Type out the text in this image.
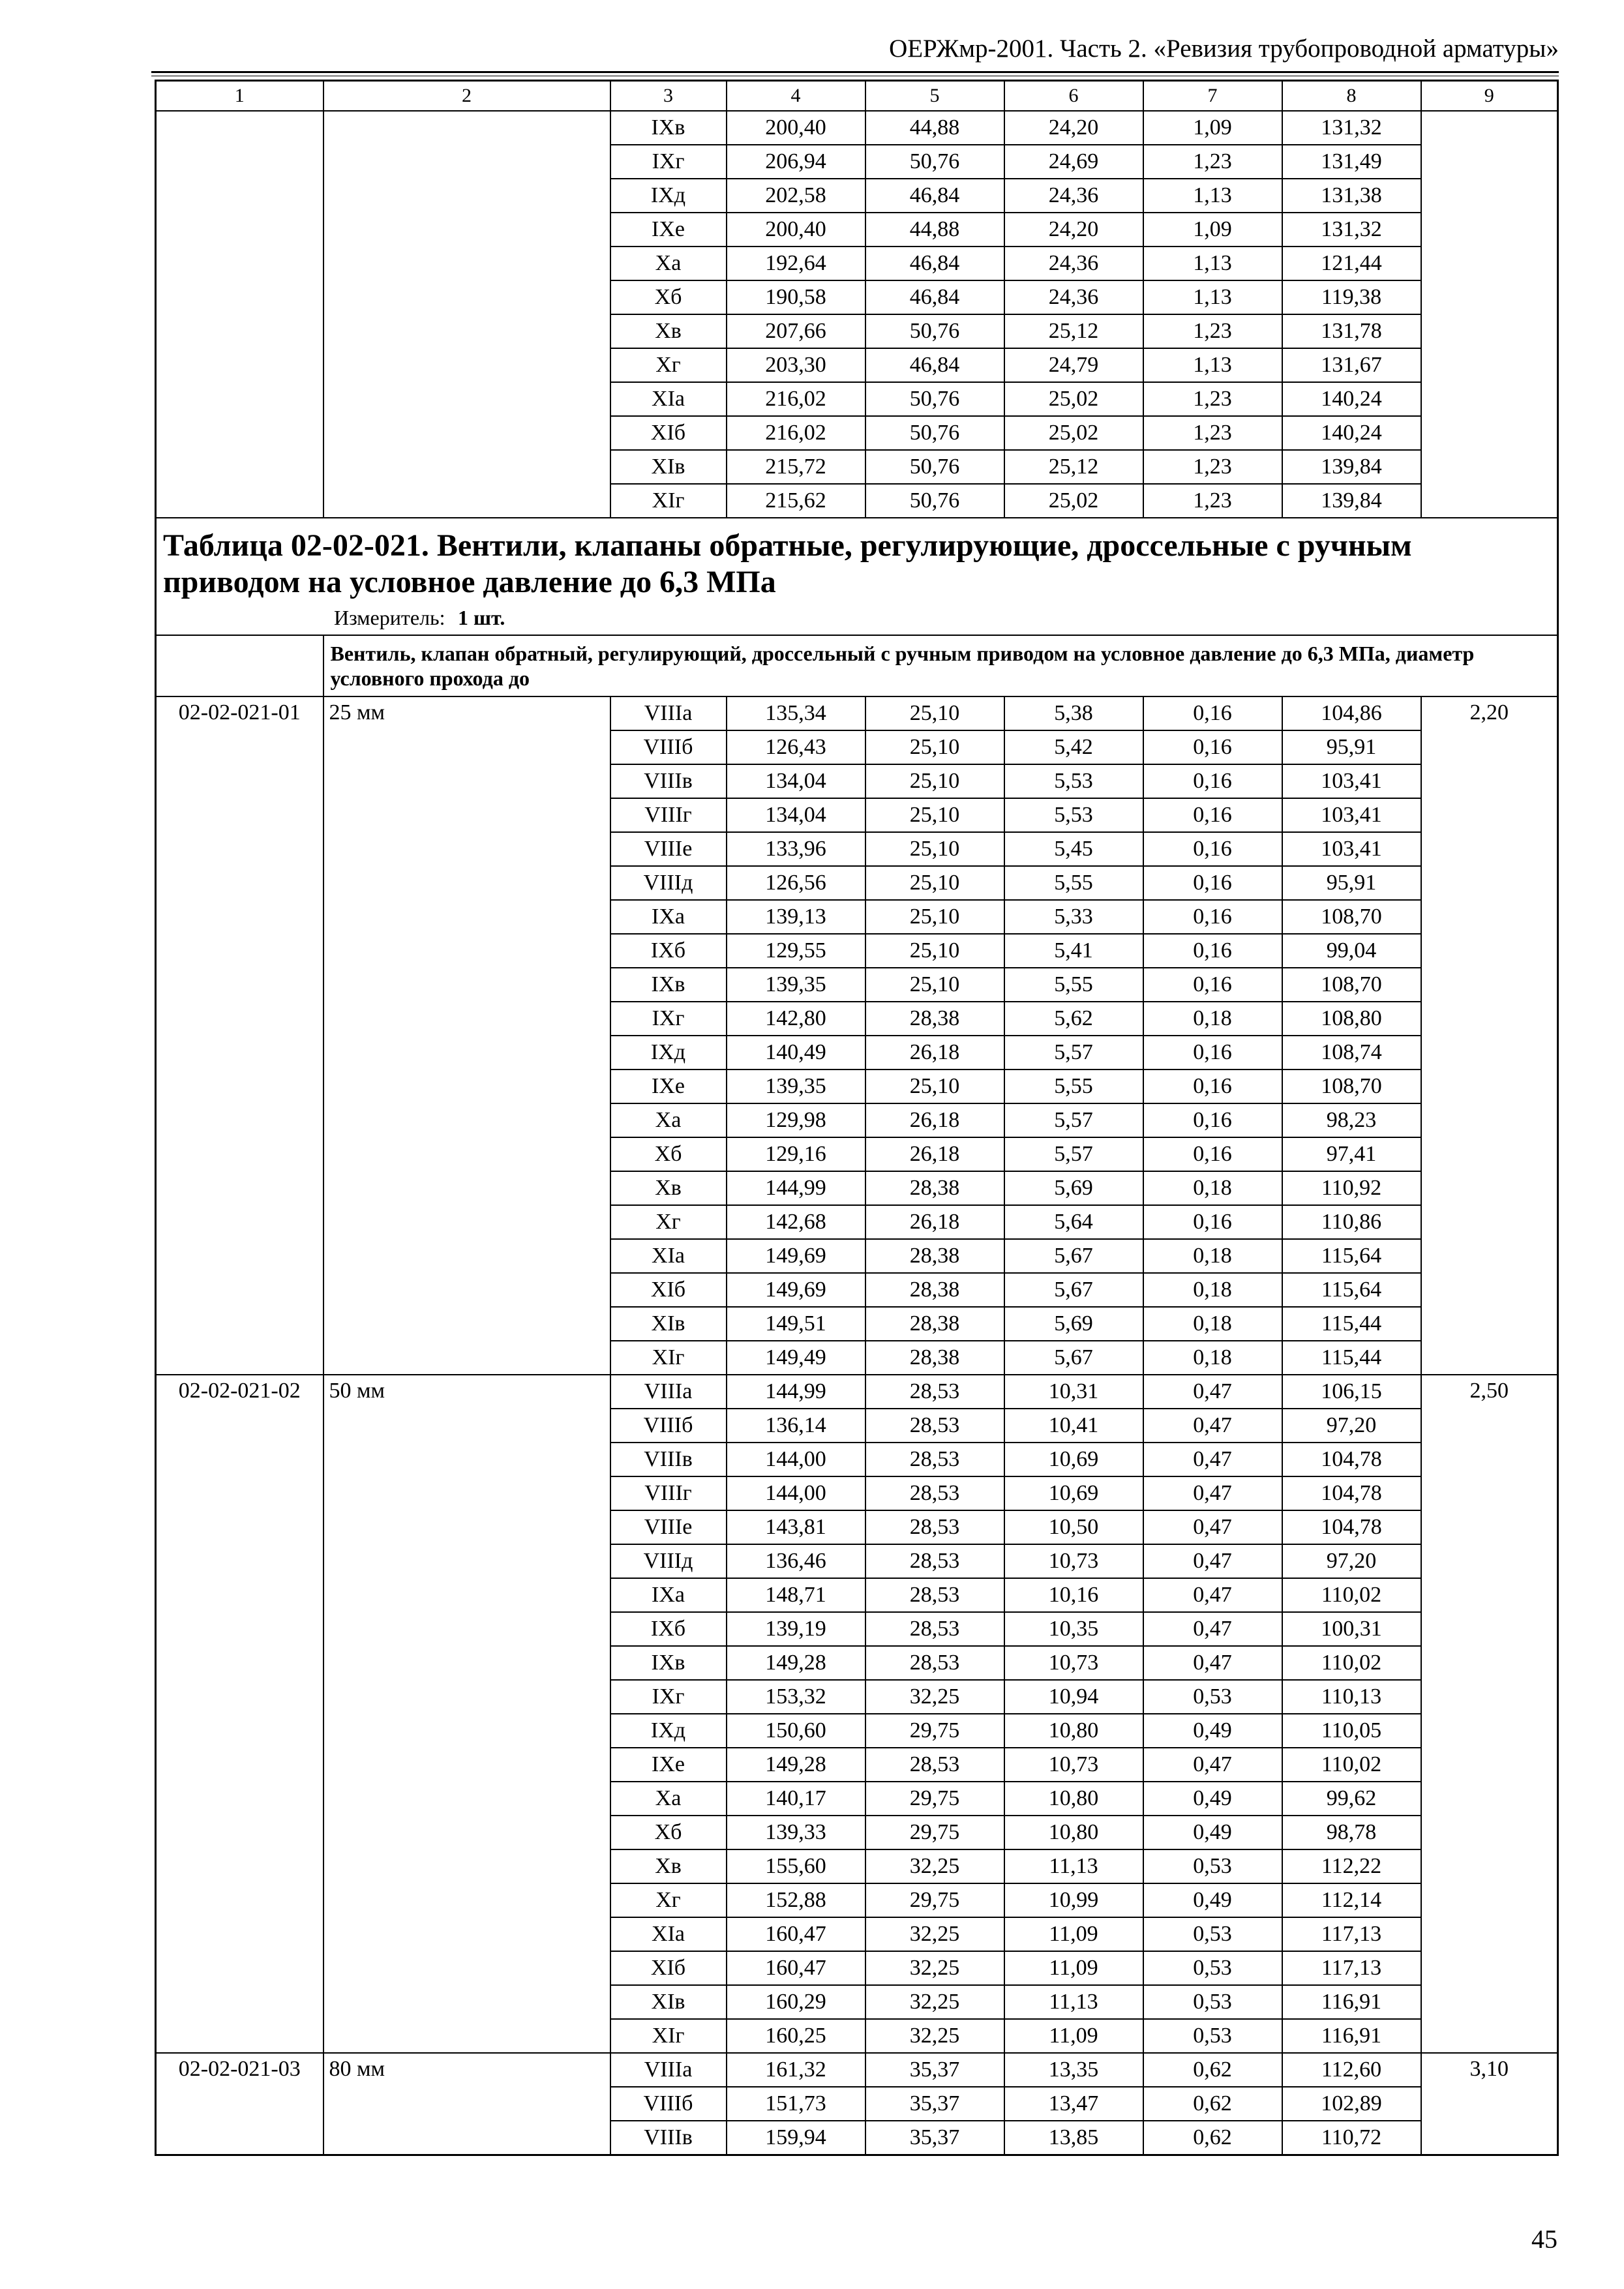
ОЕРЖмр-2001. Часть 2. «Ревизия трубопроводной арматуры»
1	2	3	4	5	6	7	8	9
		IXв	200,40	44,88	24,20	1,09	131,32	
		IXг	206,94	50,76	24,69	1,23	131,49	
		IXд	202,58	46,84	24,36	1,13	131,38	
		IXе	200,40	44,88	24,20	1,09	131,32	
		Xа	192,64	46,84	24,36	1,13	121,44	
		Xб	190,58	46,84	24,36	1,13	119,38	
		Xв	207,66	50,76	25,12	1,23	131,78	
		Xг	203,30	46,84	24,79	1,13	131,67	
		XIа	216,02	50,76	25,02	1,23	140,24	
		XIб	216,02	50,76	25,02	1,23	140,24	
		XIв	215,72	50,76	25,12	1,23	139,84	
		XIг	215,62	50,76	25,02	1,23	139,84	

Таблица 02-02-021. Вентили, клапаны обратные, регулирующие, дроссельные с ручным приводом на условное давление до 6,3 МПа
Измеритель: 1 шт.								

	Вентиль, клапан обратный, регулирующий, дроссельный с ручным приводом на условное давление до 6,3 МПа, диаметр условного прохода до							
02-02-021-01	25 мм	VIIIа	135,34	25,10	5,38	0,16	104,86	2,20
		VIIIб	126,43	25,10	5,42	0,16	95,91	
		VIIIв	134,04	25,10	5,53	0,16	103,41	
		VIIIг	134,04	25,10	5,53	0,16	103,41	
		VIIIе	133,96	25,10	5,45	0,16	103,41	
		VIIIд	126,56	25,10	5,55	0,16	95,91	
		IXа	139,13	25,10	5,33	0,16	108,70	
		IXб	129,55	25,10	5,41	0,16	99,04	
		IXв	139,35	25,10	5,55	0,16	108,70	
		IXг	142,80	28,38	5,62	0,18	108,80	
		IXд	140,49	26,18	5,57	0,16	108,74	
		IXе	139,35	25,10	5,55	0,16	108,70	
		Xа	129,98	26,18	5,57	0,16	98,23	
		Xб	129,16	26,18	5,57	0,16	97,41	
		Xв	144,99	28,38	5,69	0,18	110,92	
		Xг	142,68	26,18	5,64	0,16	110,86	
		XIа	149,69	28,38	5,67	0,18	115,64	
		XIб	149,69	28,38	5,67	0,18	115,64	
		XIв	149,51	28,38	5,69	0,18	115,44	
		XIг	149,49	28,38	5,67	0,18	115,44	
02-02-021-02	50 мм	VIIIа	144,99	28,53	10,31	0,47	106,15	2,50
		VIIIб	136,14	28,53	10,41	0,47	97,20	
		VIIIв	144,00	28,53	10,69	0,47	104,78	
		VIIIг	144,00	28,53	10,69	0,47	104,78	
		VIIIе	143,81	28,53	10,50	0,47	104,78	
		VIIIд	136,46	28,53	10,73	0,47	97,20	
		IXа	148,71	28,53	10,16	0,47	110,02	
		IXб	139,19	28,53	10,35	0,47	100,31	
		IXв	149,28	28,53	10,73	0,47	110,02	
		IXг	153,32	32,25	10,94	0,53	110,13	
		IXд	150,60	29,75	10,80	0,49	110,05	
		IXе	149,28	28,53	10,73	0,47	110,02	
		Xа	140,17	29,75	10,80	0,49	99,62	
		Xб	139,33	29,75	10,80	0,49	98,78	
		Xв	155,60	32,25	11,13	0,53	112,22	
		Xг	152,88	29,75	10,99	0,49	112,14	
		XIа	160,47	32,25	11,09	0,53	117,13	
		XIб	160,47	32,25	11,09	0,53	117,13	
		XIв	160,29	32,25	11,13	0,53	116,91	
		XIг	160,25	32,25	11,09	0,53	116,91	
02-02-021-03	80 мм	VIIIа	161,32	35,37	13,35	0,62	112,60	3,10
		VIIIб	151,73	35,37	13,47	0,62	102,89	
		VIIIв	159,94	35,37	13,85	0,62	110,72	
45
